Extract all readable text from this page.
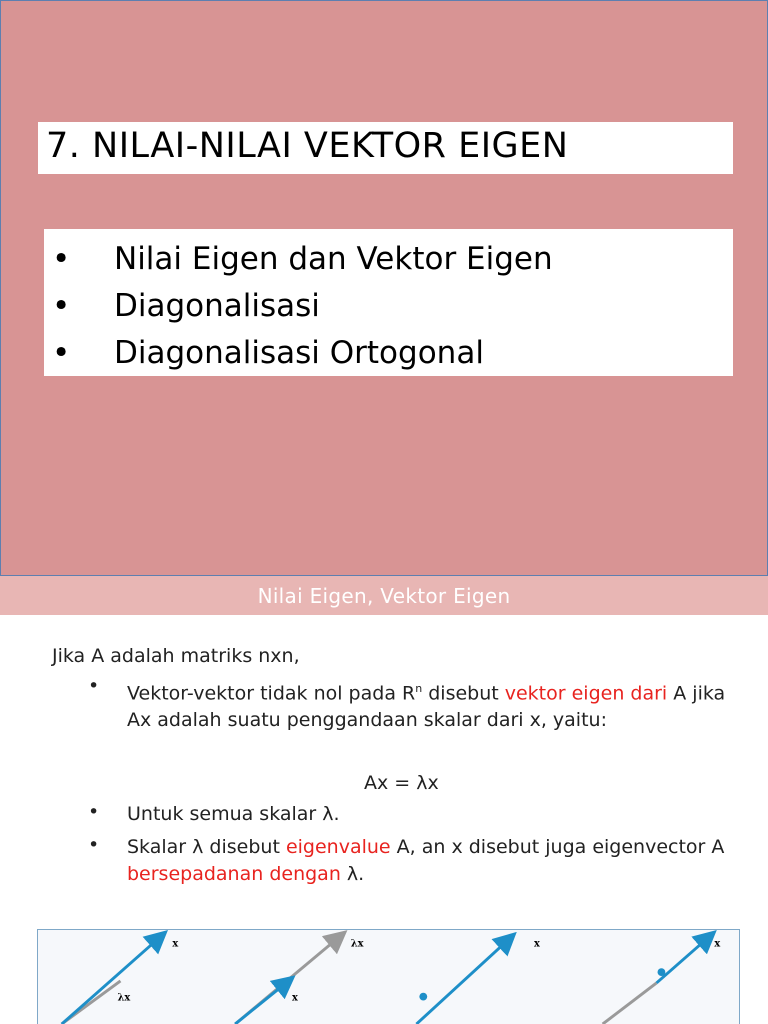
7. NILAI-NILAI VEKTOR EIGEN
•	Nilai Eigen dan Vektor Eigen
•	Diagonalisasi
•	Diagonalisasi Ortogonal
Nilai Eigen, Vektor Eigen
Jika A adalah matriks nxn,
• Vektor-vektor tidak nol pada $R^n$ disebut vektor eigen dari A jika Ax adalah suatu penggandaan skalar dari x, yaitu:
Ax = λx
• Untuk semua skalar λ.
• Skalar λ disebut eigenvalue A, an x disebut juga eigenvector A bersepadanan dengan λ.
x
λx
λx
x
x	x
